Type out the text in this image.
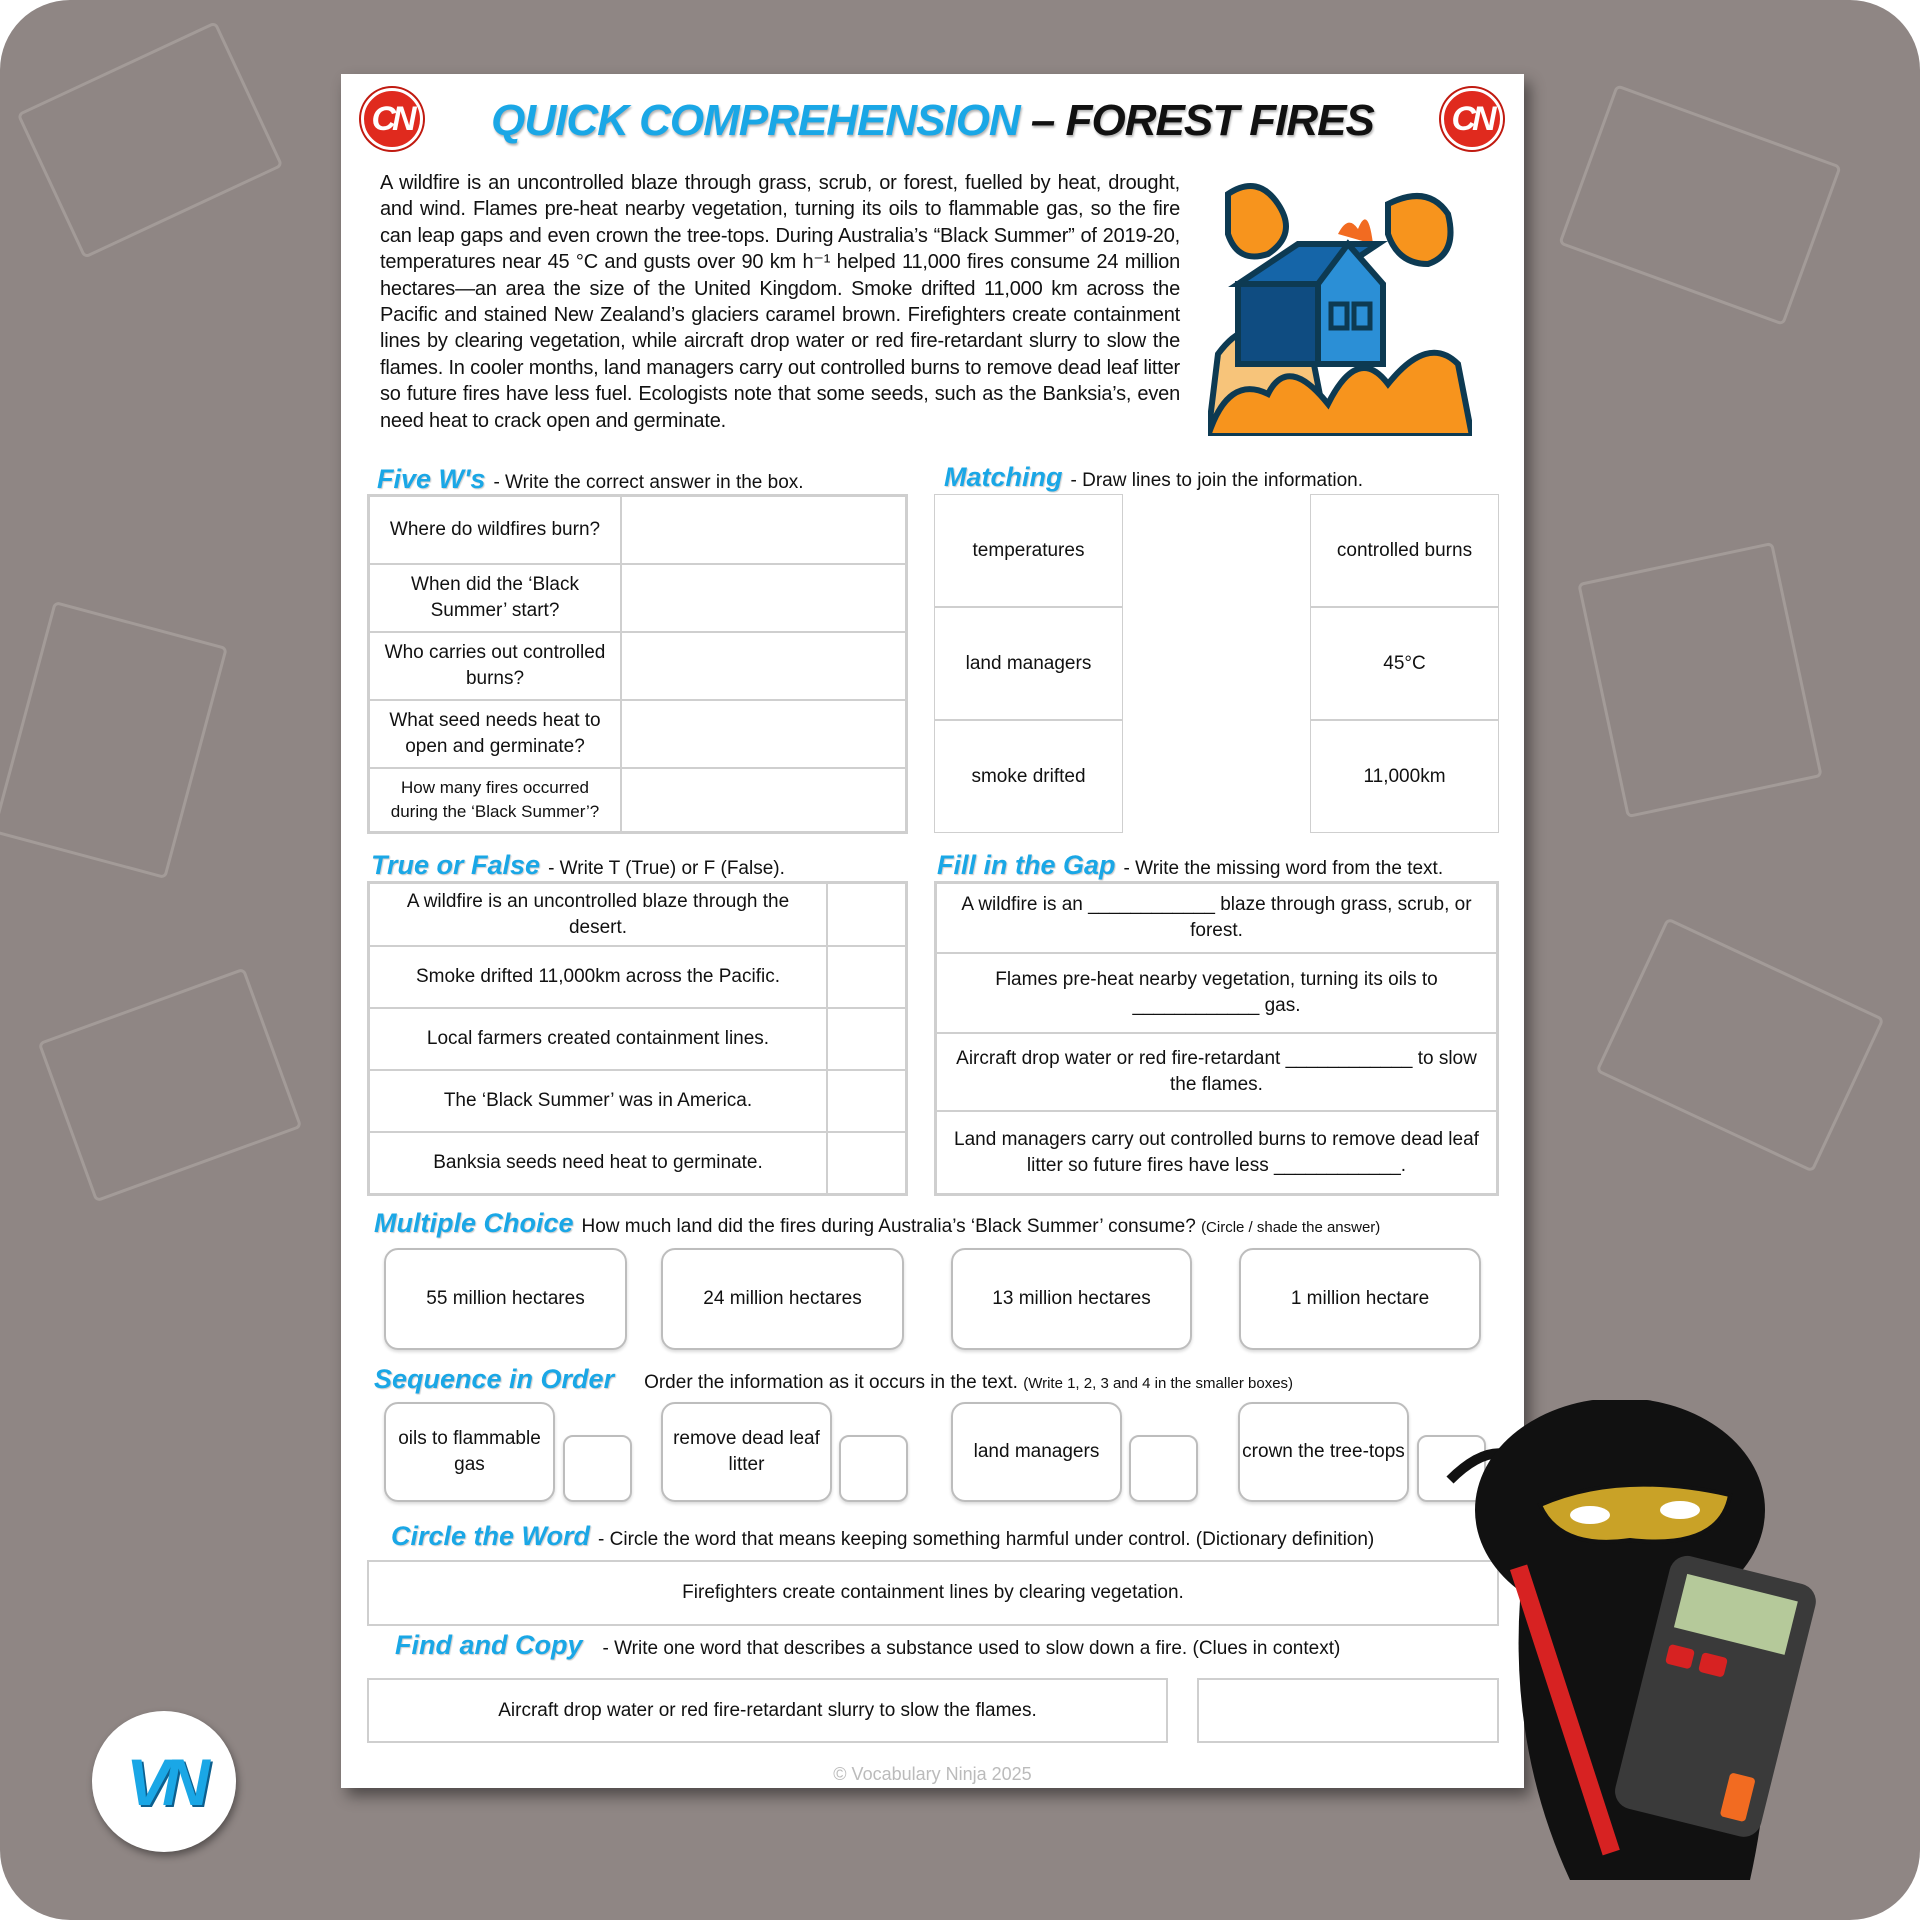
CN	CN
QUICK COMPREHENSION – FOREST FIRES
A wildfire is an uncontrolled blaze through grass, scrub, or forest, fuelled by heat, drought, and wind. Flames pre-heat nearby vegetation, turning its oils to flammable gas, so the fire can leap gaps and even crown the tree-tops. During Australia’s “Black Summer” of 2019-20, temperatures near 45 °C and gusts over 90 km h⁻¹ helped 11,000 fires consume 24 million hectares—an area the size of the United Kingdom. Smoke drifted 11,000 km across the Pacific and stained New Zealand’s glaciers caramel brown. Firefighters create containment lines by clearing vegetation, while aircraft drop water or red fire-retardant slurry to slow the flames. In cooler months, land managers carry out controlled burns to remove dead leaf litter so future fires have less fuel. Ecologists note that some seeds, such as the Banksia’s, even need heat to crack open and germinate.
Five W's - Write the correct answer in the box.
Where do wildfires burn?
When did the ‘Black Summer’ start?
Who carries out controlled burns?
What seed needs heat to open and germinate?
How many fires occurred during the ‘Black Summer’?
Matching - Draw lines to join the information.
temperatures
land managers
smoke drifted
controlled burns
45°C
11,000km
True or False - Write T (True) or F (False).
A wildfire is an uncontrolled blaze through the desert.
Smoke drifted 11,000km across the Pacific.
Local farmers created containment lines.
The ‘Black Summer’ was in America.
Banksia seeds need heat to germinate.
Fill in the Gap - Write the missing word from the text.
A wildfire is an ____________ blaze through grass, scrub, or forest.
Flames pre-heat nearby vegetation, turning its oils to ____________ gas.
Aircraft drop water or red fire-retardant ____________ to slow the flames.
Land managers carry out controlled burns to remove dead leaf litter so future fires have less ____________.
Multiple Choice How much land did the fires during Australia’s ‘Black Summer’ consume? (Circle / shade the answer)
55 million hectares	24 million hectares	13 million hectares	1 million hectare
Sequence in Order Order the information as it occurs in the text. (Write 1, 2, 3 and 4 in the smaller boxes)
oils to flammable gas
remove dead leaf litter
land managers	crown the tree-tops
Circle the Word - Circle the word that means keeping something harmful under control. (Dictionary definition)
Firefighters create containment lines by clearing vegetation.
Find and Copy - Write one word that describes a substance used to slow down a fire. (Clues in context)
Aircraft drop water or red fire-retardant slurry to slow the flames.
© Vocabulary Ninja 2025
VN
